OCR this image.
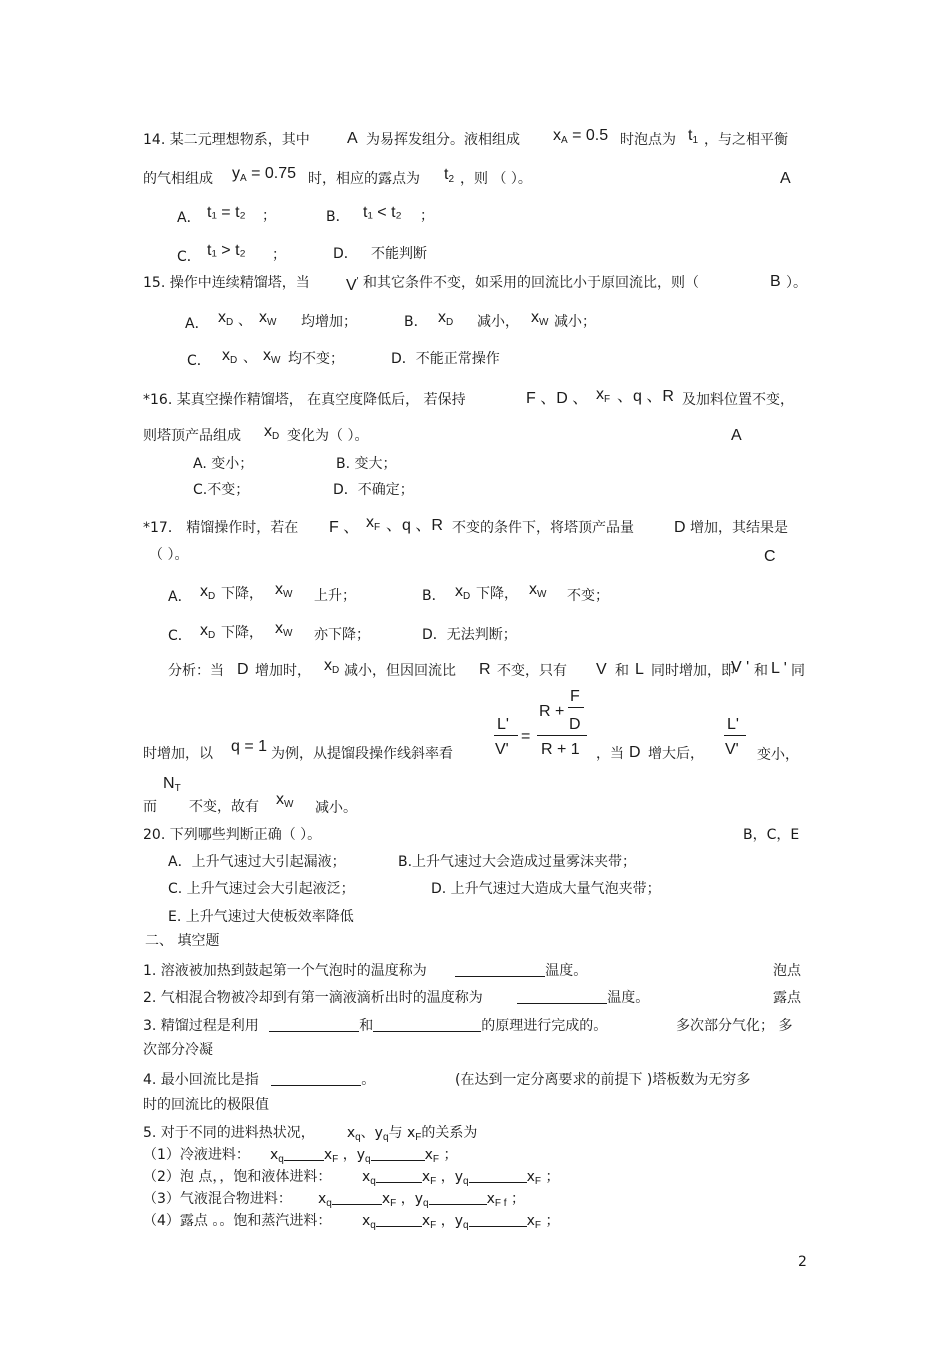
14. 某二元理想物系，其中 A 为易挥发组分。液相组成 $x_A = 0.5$ 时泡点为 $t_1$ ，与之相平衡
的气相组成 $y_A = 0.75$ 时，相应的露点为 $t_2$ ，则 （ ）。	A
A． t₁ = t₂ ；	B． t₁ < t₂ ；
C． t₁ > t₂ ；	D． 不能判断
15. 操作中连续精馏塔，当 V' 和其它条件不变，如采用的回流比小于原回流比，则（	B ）。
A． $x_D$ 、 $x_W$ 均增加；	B． $x_D$ 减小， $x_W$ 减小；
C． $x_D$ 、 $x_W$ 均不变；	D．不能正常操作
*16. 某真空操作精馏塔， 在真空度降低后， 若保持	F 、D 、 $x_F$ 、q 、R 及加料位置不变，
则塔顶产品组成 $x_D$ 变化为（ ）。	A
A. 变小；	B. 变大；
C.不变；	D．不确定；
*17． 精馏操作时，若在 F 、 $x_F$ 、q 、R 不变的条件下，将塔顶产品量	D 增加，其结果是
（ ）。	C
A． $x_D$ 下降， $x_W$ 上升；	B． $x_D$ 下降， $x_W$ 不变；
C． $x_D$ 下降， $x_W$ 亦下降；	D．无法判断；
分析：当 D 增加时， $x_D$ 减小，但因回流比 R 不变，只有 V 和 L 同时增加，即
V ' 和 L ' 同
时增加，以 q = 1 为例，从提馏段操作线斜率看
L'
V'
=
R +
F
D
R + 1 ，当 D 增大后，
L'
V' 变小，
$N_T$
而 不变，故有 $x_W$ 减小。
20. 下列哪些判断正确（ ）。	B，C，E
A．上升气速过大引起漏液；	B.上升气速过大会造成过量雾沫夹带；
C. 上升气速过会大引起液泛；	D. 上升气速过大造成大量气泡夹带；
E. 上升气速过大使板效率降低
二、 填空题
1. 溶液被加热到鼓起第一个气泡时的温度称为	温度。	泡点
2. 气相混合物被冷却到有第一滴液滴析出时的温度称为	温度。	露点
3. 精馏过程是利用	和	的原理进行完成的。	多次部分气化； 多
次部分冷凝
4. 最小回流比是指	。	(在达到一定分离要求的前提下 )塔板数为无穷多
时的回流比的极限值
5. 对于不同的进料热状况， $x_q$、$y_q$与 $x_F$的关系为
（1）冷液进料： $x_q$	$x_F$ ，$y_q$	$x_F$ ；
（2）泡 点，，饱和液体进料： $x_q$	$x_F$ ，$y_q$	$x_F$ ；
（3）气液混合物进料： $x_q$	$x_F$ ，$y_q$	$x_{F f}$ ；
（4）露点 。。饱和蒸汽进料： $x_q$	$x_F$ ，$y_q$	$x_F$ ；
2
